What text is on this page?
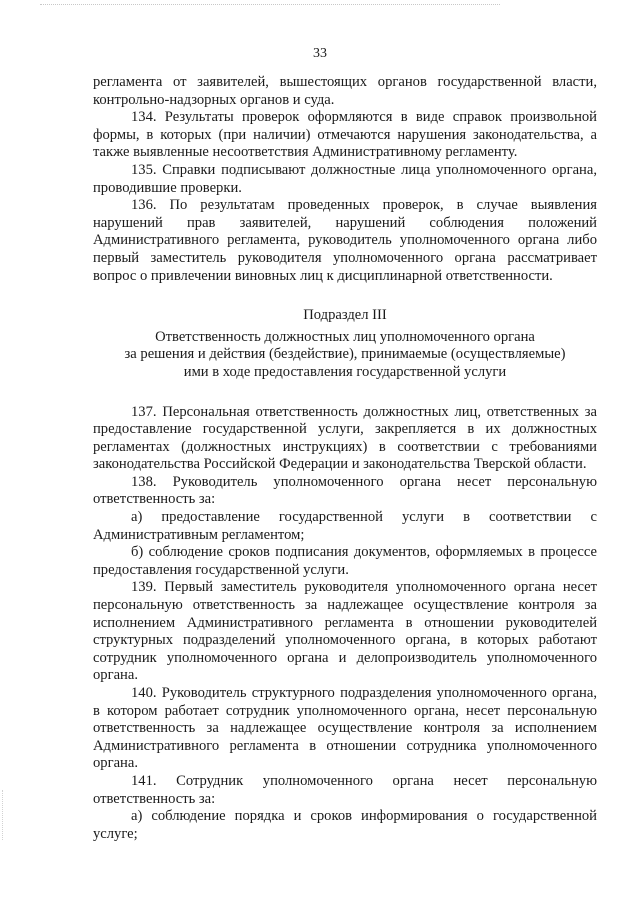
33

регламента от заявителей, вышестоящих органов государственной власти, контрольно-надзорных органов и суда.

134. Результаты проверок оформляются в виде справок произвольной формы, в которых (при наличии) отмечаются нарушения законодательства, а также выявленные несоответствия Административному регламенту.

135. Справки подписывают должностные лица уполномоченного органа, проводившие проверки.

136. По результатам проведенных проверок, в случае выявления нарушений прав заявителей, нарушений соблюдения положений Административного регламента, руководитель уполномоченного органа либо первый заместитель руководителя уполномоченного органа рассматривает вопрос о привлечении виновных лиц к дисциплинарной ответственности.

Подраздел III
Ответственность должностных лиц уполномоченного органа
за решения и действия (бездействие), принимаемые (осуществляемые)
ими в ходе предоставления государственной услуги

137. Персональная ответственность должностных лиц, ответственных за предоставление государственной услуги, закрепляется в их должностных регламентах (должностных инструкциях) в соответствии с требованиями законодательства Российской Федерации и законодательства Тверской области.

138. Руководитель уполномоченного органа несет персональную ответственность за:

а) предоставление государственной услуги в соответствии с Административным регламентом;

б) соблюдение сроков подписания документов, оформляемых в процессе предоставления государственной услуги.

139. Первый заместитель руководителя уполномоченного органа несет персональную ответственность за надлежащее осуществление контроля за исполнением Административного регламента в отношении руководителей структурных подразделений уполномоченного органа, в которых работают сотрудник уполномоченного органа и делопроизводитель уполномоченного органа.

140. Руководитель структурного подразделения уполномоченного органа, в котором работает сотрудник уполномоченного органа, несет персональную ответственность за надлежащее осуществление контроля за исполнением Административного регламента в отношении сотрудника уполномоченного органа.

141. Сотрудник уполномоченного органа несет персональную ответственность за:

а) соблюдение порядка и сроков информирования о государственной услуге;
